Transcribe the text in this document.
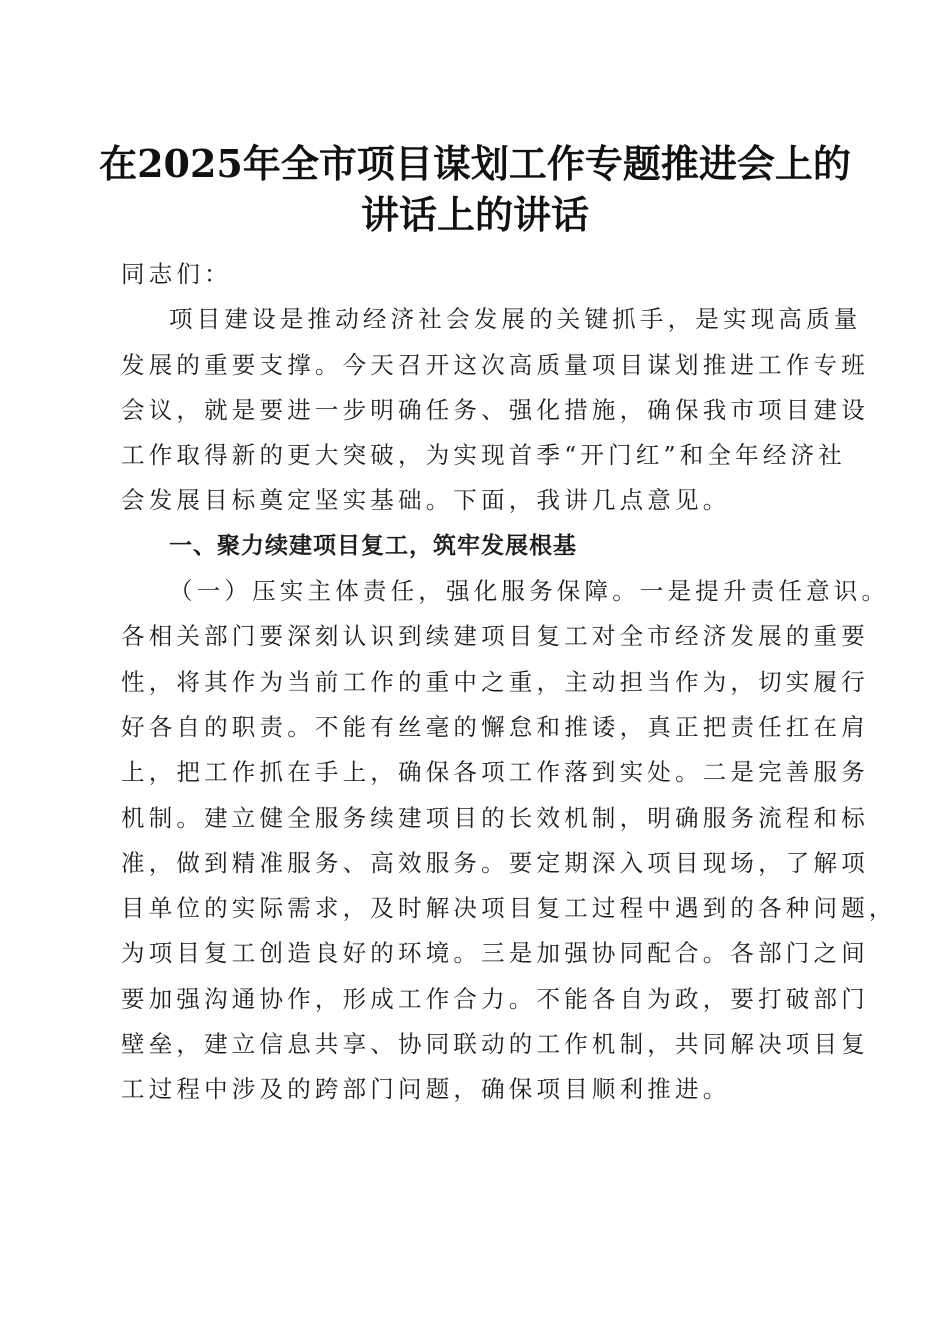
在2025年全市项目谋划工作专题推进会上的
讲话上的讲话
同志们：
项目建设是推动经济社会发展的关键抓手，是实现高质量
发展的重要支撑。今天召开这次高质量项目谋划推进工作专班
会议，就是要进一步明确任务、强化措施，确保我市项目建设
工作取得新的更大突破，为实现首季“开门红”和全年经济社
会发展目标奠定坚实基础。下面，我讲几点意见。
一、聚力续建项目复工，筑牢发展根基
（一）压实主体责任，强化服务保障。一是提升责任意识。
各相关部门要深刻认识到续建项目复工对全市经济发展的重要
性，将其作为当前工作的重中之重，主动担当作为，切实履行
好各自的职责。不能有丝毫的懈怠和推诿，真正把责任扛在肩
上，把工作抓在手上，确保各项工作落到实处。二是完善服务
机制。建立健全服务续建项目的长效机制，明确服务流程和标
准，做到精准服务、高效服务。要定期深入项目现场，了解项
目单位的实际需求，及时解决项目复工过程中遇到的各种问题，
为项目复工创造良好的环境。三是加强协同配合。各部门之间
要加强沟通协作，形成工作合力。不能各自为政，要打破部门
壁垒，建立信息共享、协同联动的工作机制，共同解决项目复
工过程中涉及的跨部门问题，确保项目顺利推进。
